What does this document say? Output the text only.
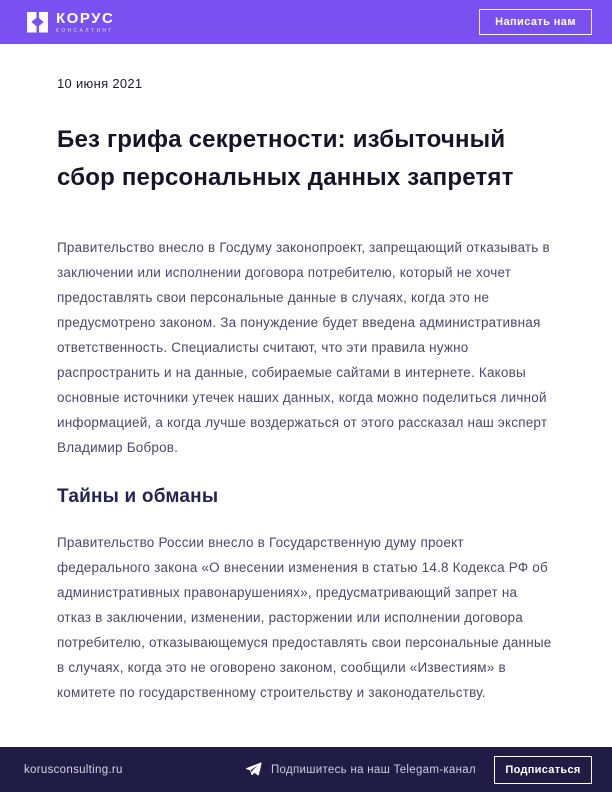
КОРУС
КОНСАЛТИНГ
Написать нам
10 июня 2021
Без грифа секретности: избыточный сбор персональных данных запретят

Правительство внесло в Госдуму законопроект, запрещающий отказывать в заключении или исполнении договора потребителю, который не хочет предоставлять свои персональные данные в случаях, когда это не предусмотрено законом. За понуждение будет введена административная ответственность. Специалисты считают, что эти правила нужно распространить и на данные, собираемые сайтами в интернете. Каковы основные источники утечек наших данных, когда можно поделиться личной информацией, а когда лучше воздержаться от этого рассказал наш эксперт Владимир Бобров.

Тайны и обманы

Правительство России внесло в Государственную думу проект федерального закона «О внесении изменения в статью 14.8 Кодекса РФ об административных правонарушениях», предусматривающий запрет на отказ в заключении, изменении, расторжении или исполнении договора потребителю, отказывающемуся предоставлять свои персональные данные в случаях, когда это не оговорено законом, сообщили «Известиям» в комитете по государственному строительству и законодательству.

korusconsulting.ru	Подпишитесь на наш Telegam-канал	Подписаться
